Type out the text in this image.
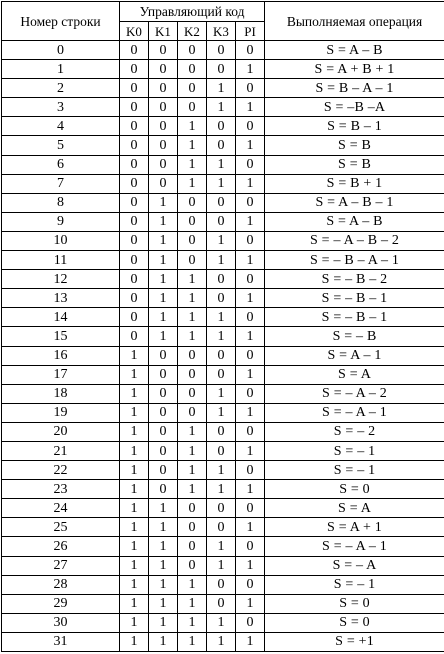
Номер строки	Управляющий код					Выполняемая операция
	K0	K1	K2	K3	PI	
0	0	0	0	0	0	S = A – B
1	0	0	0	0	1	S = A + B + 1
2	0	0	0	1	0	S = B – A – 1
3	0	0	0	1	1	S = –B –A
4	0	0	1	0	0	S = B – 1
5	0	0	1	0	1	S = B
6	0	0	1	1	0	S = B
7	0	0	1	1	1	S = B + 1
8	0	1	0	0	0	S = A – B – 1
9	0	1	0	0	1	S = A – B
10	0	1	0	1	0	S = – A – B – 2
11	0	1	0	1	1	S = – B – A – 1
12	0	1	1	0	0	S = – B – 2
13	0	1	1	0	1	S = – B – 1
14	0	1	1	1	0	S = – B – 1
15	0	1	1	1	1	S = – B
16	1	0	0	0	0	S = A – 1
17	1	0	0	0	1	S = A
18	1	0	0	1	0	S = – A – 2
19	1	0	0	1	1	S = – A – 1
20	1	0	1	0	0	S = – 2
21	1	0	1	0	1	S = – 1
22	1	0	1	1	0	S = – 1
23	1	0	1	1	1	S = 0
24	1	1	0	0	0	S = A
25	1	1	0	0	1	S = A + 1
26	1	1	0	1	0	S = – A – 1
27	1	1	0	1	1	S = – A
28	1	1	1	0	0	S = – 1
29	1	1	1	0	1	S = 0
30	1	1	1	1	0	S = 0
31	1	1	1	1	1	S = +1
